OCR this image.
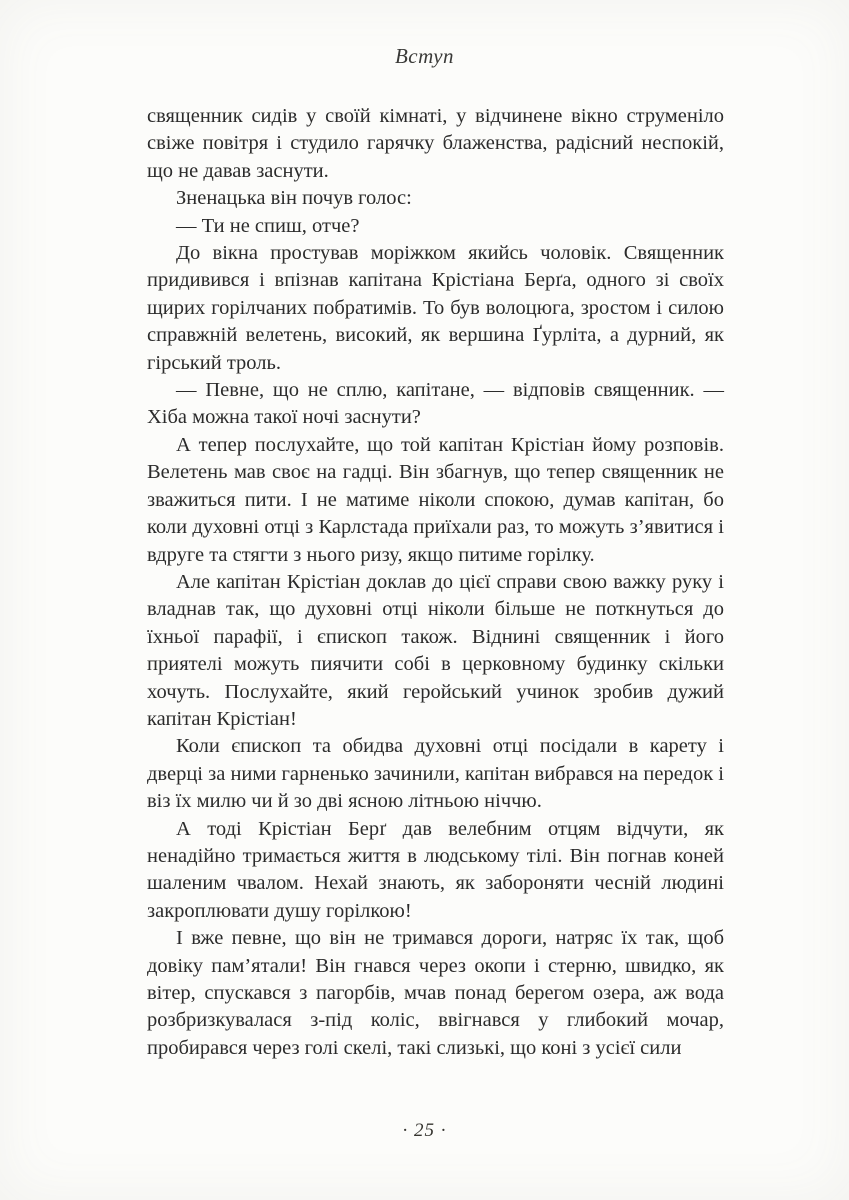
Вступ

священник сидів у своїй кімнаті, у відчинене вікно струменіло свіже повітря і студило гарячку блаженства, радісний неспокій, що не давав заснути.

Зненацька він почув голос:

— Ти не спиш, отче?

До вікна простував моріжком якийсь чоловік. Священник придивився і впізнав капітана Крістіана Берґа, одного зі своїх щирих горілчаних побратимів. То був волоцюга, зростом і силою справжній велетень, високий, як вершина Ґурліта, а дурний, як гірський троль.

— Певне, що не сплю, капітане, — відповів священник. — Хіба можна такої ночі заснути?

А тепер послухайте, що той капітан Крістіан йому розповів. Велетень мав своє на гадці. Він збагнув, що тепер священник не зважиться пити. І не матиме ніколи спокою, думав капітан, бо коли духовні отці з Карлстада приїхали раз, то можуть з’явитися і вдруге та стягти з нього ризу, якщо питиме горілку.

Але капітан Крістіан доклав до цієї справи свою важку руку і владнав так, що духовні отці ніколи більше не поткнуться до їхньої парафії, і єпископ також. Віднині священник і його приятелі можуть пиячити собі в церковному будинку скільки хочуть. Послухайте, який геройський учинок зробив дужий капітан Крістіан!

Коли єпископ та обидва духовні отці посідали в карету і дверці за ними гарненько зачинили, капітан вибрався на передок і віз їх милю чи й зо дві ясною літньою ніччю.

А тоді Крістіан Берґ дав велебним отцям відчути, як ненадійно тримається життя в людському тілі. Він погнав коней шаленим чвалом. Нехай знають, як забороняти чесній людині закроплювати душу горілкою!

І вже певне, що він не тримався дороги, натряс їх так, щоб довіку пам’ятали! Він гнався через окопи і стерню, швидко, як вітер, спускався з пагорбів, мчав понад берегом озера, аж вода розбризкувалася з-під коліс, ввігнався у глибокий мочар, пробирався через голі скелі, такі слизькі, що коні з усієї сили

· 25 ·
